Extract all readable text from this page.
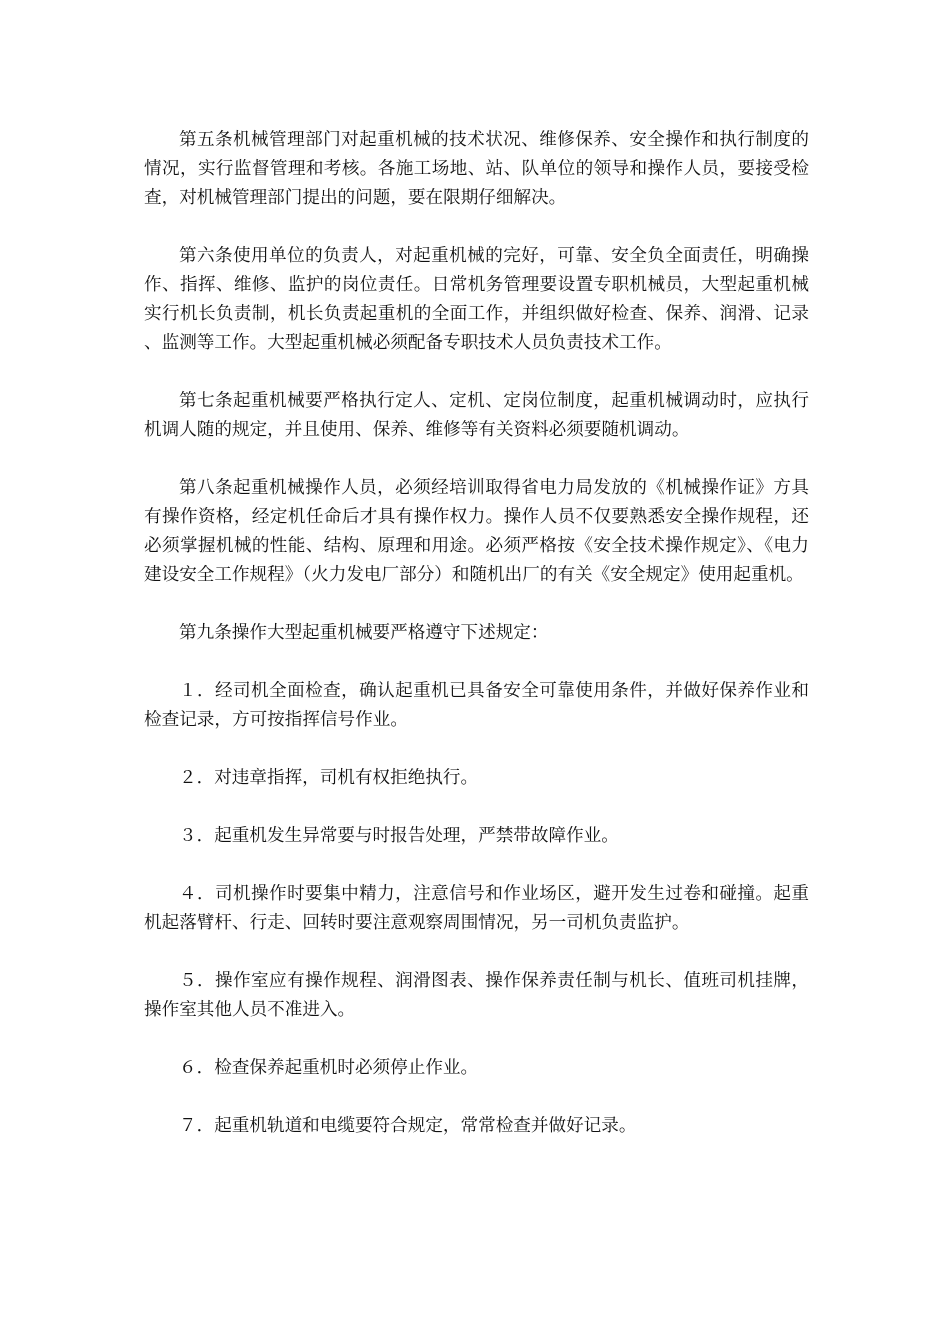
第五条机械管理部门对起重机械的技术状况、维修保养、安全操作和执行制度的情况，实行监督管理和考核。各施工场地、站、队单位的领导和操作人员，要接受检查，对机械管理部门提出的问题，要在限期仔细解决。

第六条使用单位的负责人，对起重机械的完好，可靠、安全负全面责任，明确操作、指挥、维修、监护的岗位责任。日常机务管理要设置专职机械员，大型起重机械实行机长负责制，机长负责起重机的全面工作，并组织做好检查、保养、润滑、记录、监测等工作。大型起重机械必须配备专职技术人员负责技术工作。

第七条起重机械要严格执行定人、定机、定岗位制度，起重机械调动时，应执行机调人随的规定，并且使用、保养、维修等有关资料必须要随机调动。

第八条起重机械操作人员，必须经培训取得省电力局发放的《机械操作证》方具有操作资格，经定机任命后才具有操作权力。操作人员不仅要熟悉安全操作规程，还必须掌握机械的性能、结构、原理和用途。必须严格按《安全技术操作规定》、《电力建设安全工作规程》（火力发电厂部分）和随机出厂的有关《安全规定》使用起重机。

第九条操作大型起重机械要严格遵守下述规定：

１．经司机全面检查，确认起重机已具备安全可靠使用条件，并做好保养作业和检查记录，方可按指挥信号作业。

２．对违章指挥，司机有权拒绝执行。

３．起重机发生异常要与时报告处理，严禁带故障作业。

４．司机操作时要集中精力，注意信号和作业场区，避开发生过卷和碰撞。起重机起落臂杆、行走、回转时要注意观察周围情况，另一司机负责监护。

５．操作室应有操作规程、润滑图表、操作保养责任制与机长、值班司机挂牌，操作室其他人员不准进入。

６．检查保养起重机时必须停止作业。

７．起重机轨道和电缆要符合规定，常常检查并做好记录。
